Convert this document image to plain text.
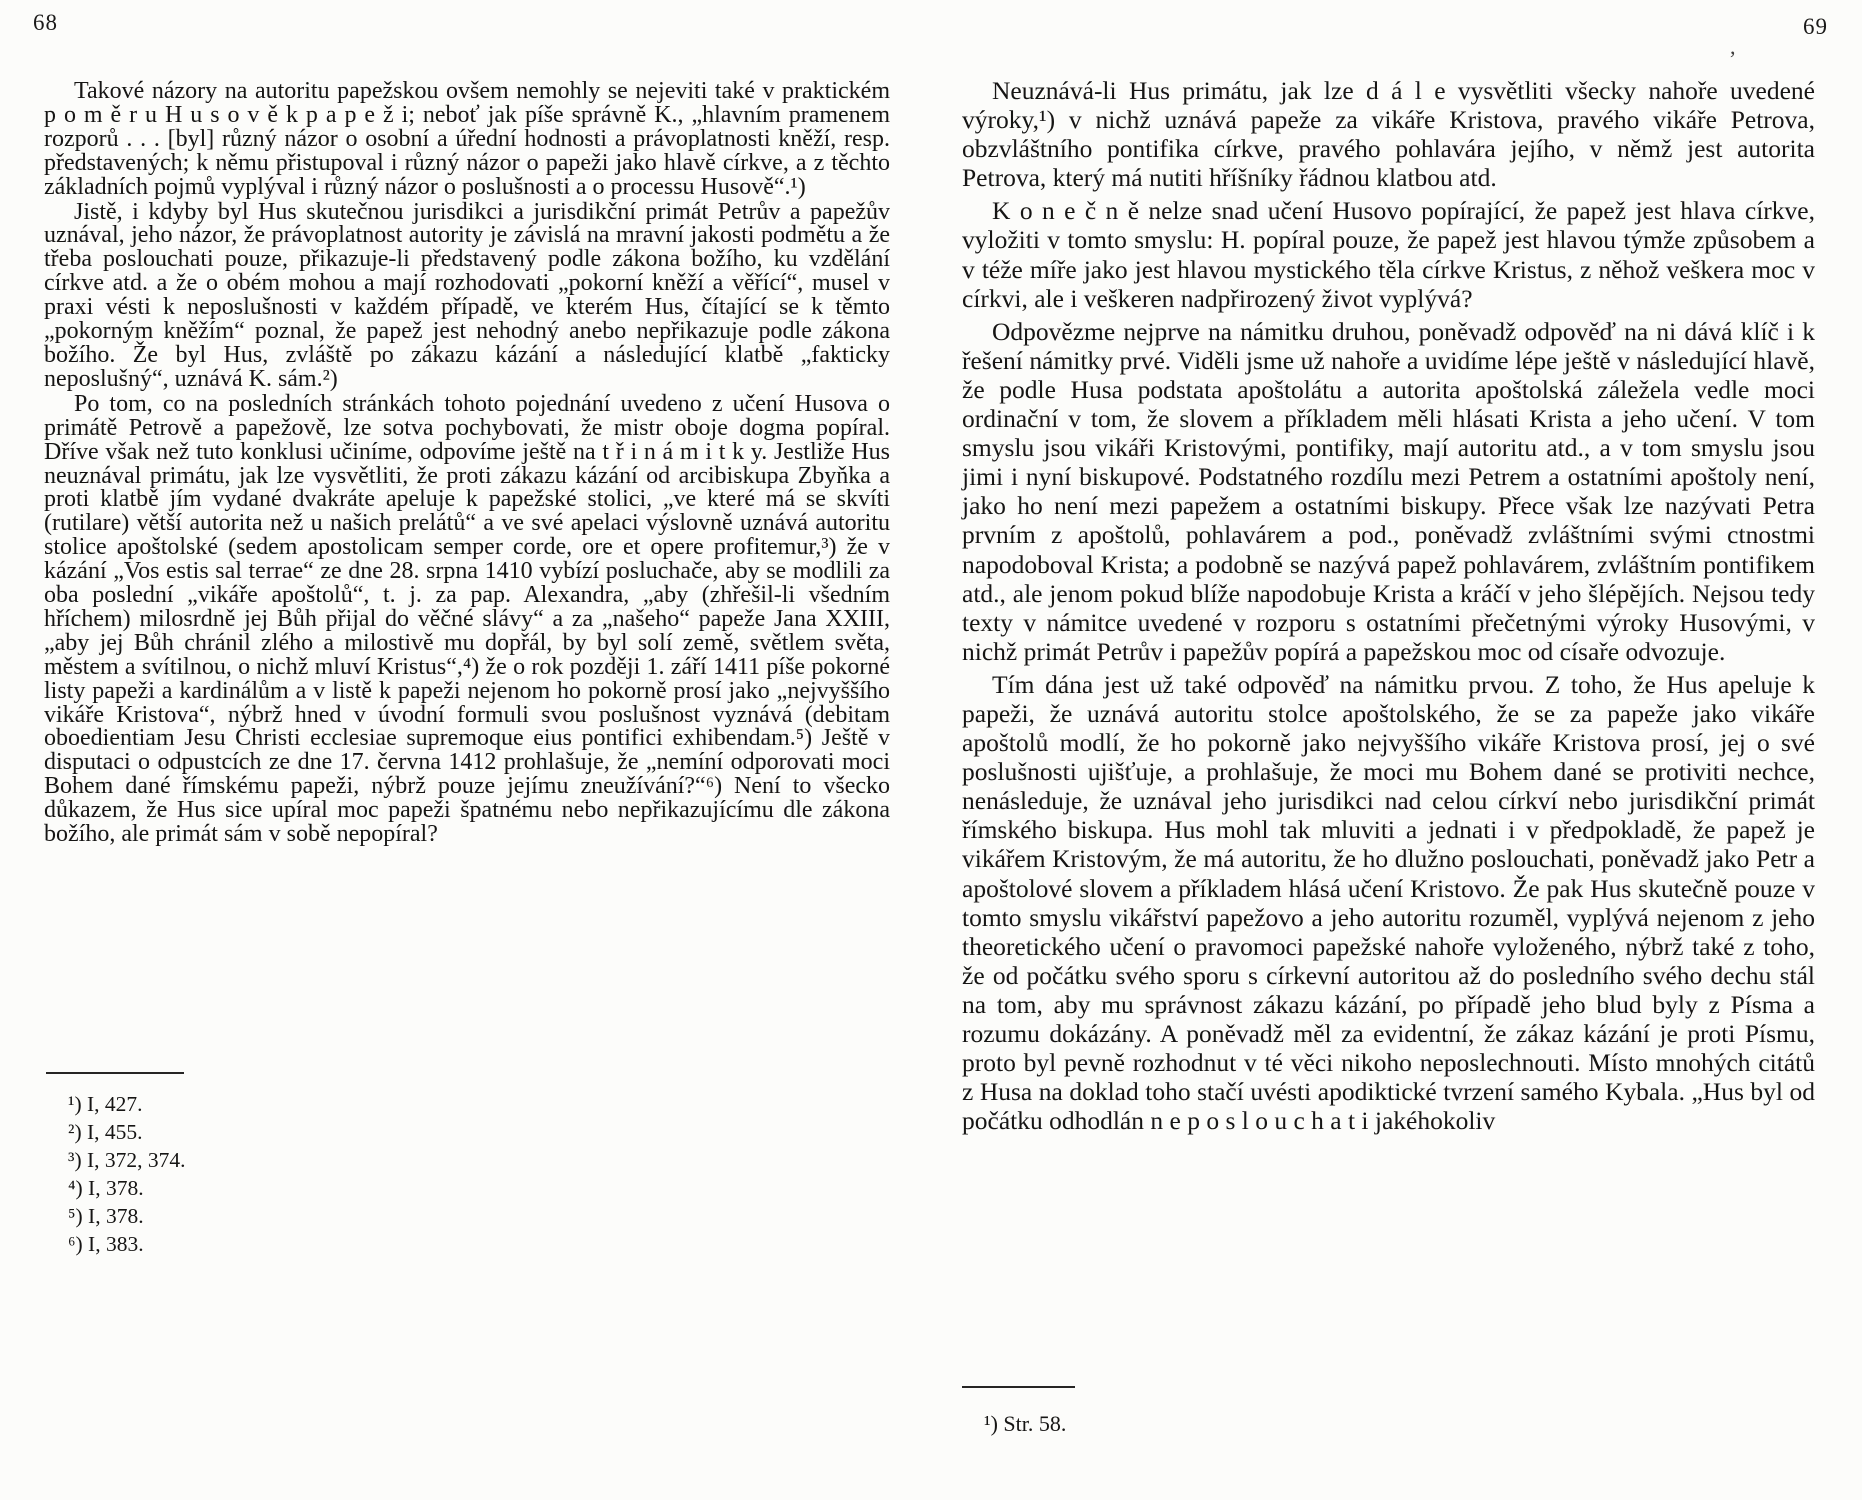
68

Takové názory na autoritu papežskou ovšem nemohly se nejeviti také v praktickém p o m ě r u H u s o v ě k p a p e ž i; neboť jak píše správně K., „hlavním pramenem rozporů . . . [byl] různý názor o osobní a úřední hodnosti a právoplatnosti kněží, resp. představených; k němu přistupoval i různý názor o papeži jako hlavě církve, a z těchto základních pojmů vyplýval i různý názor o poslušnosti a o processu Husově“.¹)

Jistě, i kdyby byl Hus skutečnou jurisdikci a jurisdikční primát Petrův a papežův uznával, jeho názor, že právoplatnost autority je závislá na mravní jakosti podmětu a že třeba poslouchati pouze, přikazuje-li představený podle zákona božího, ku vzdělání církve atd. a že o obém mohou a mají rozhodovati „pokorní kněží a věřící“, musel v praxi vésti k neposlušnosti v každém případě, ve kterém Hus, čítající se k těmto „pokorným kněžím“ poznal, že papež jest nehodný anebo nepřikazuje podle zákona božího. Že byl Hus, zvláště po zákazu kázání a následující klatbě „fakticky neposlušný“, uznává K. sám.²)

Po tom, co na posledních stránkách tohoto pojednání uvedeno z učení Husova o primátě Petrově a papežově, lze sotva pochybovati, že mistr oboje dogma popíral. Dříve však než tuto konklusi učiníme, odpovíme ještě na t ř i n á m i t k y. Jestliže Hus neuznával primátu, jak lze vysvětliti, že proti zákazu kázání od arcibiskupa Zbyňka a proti klatbě jím vydané dvakráte apeluje k papežské stolici, „ve které má se skvíti (rutilare) větší autorita než u našich prelátů“ a ve své apelaci výslovně uznává autoritu stolice apoštolské (sedem apostolicam semper corde, ore et opere profitemur,³) že v kázání „Vos estis sal terrae“ ze dne 28. srpna 1410 vybízí posluchače, aby se modlili za oba poslední „vikáře apoštolů“, t. j. za pap. Alexandra, „aby (zhřešil-li všedním hříchem) milosrdně jej Bůh přijal do věčné slávy“ a za „našeho“ papeže Jana XXIII, „aby jej Bůh chránil zlého a milostivě mu dopřál, by byl solí země, světlem světa, městem a svítilnou, o nichž mluví Kristus“,⁴) že o rok později 1. září 1411 píše pokorné listy papeži a kardinálům a v listě k papeži nejenom ho pokorně prosí jako „nejvyššího vikáře Kristova“, nýbrž hned v úvodní formuli svou poslušnost vyznává (debitam oboedientiam Jesu Christi ecclesiae supremoque eius pontifici exhibendam.⁵) Ještě v disputaci o odpustcích ze dne 17. června 1412 prohlašuje, že „nemíní odporovati moci Bohem dané římskému papeži, nýbrž pouze jejímu zneužívání?“⁶) Není to všecko důkazem, že Hus sice upíral moc papeži špatnému nebo nepřikazujícímu dle zákona božího, ale primát sám v sobě nepopíral?

¹) I, 427.
²) I, 455.
³) I, 372, 374.
⁴) I, 378.
⁵) I, 378.
⁶) I, 383.
69
,

Neuznává-li Hus primátu, jak lze d á l e vysvětliti všecky nahoře uvedené výroky,¹) v nichž uznává papeže za vikáře Kristova, pravého vikáře Petrova, obzvláštního pontifika církve, pravého pohlavára jejího, v němž jest autorita Petrova, který má nutiti hříšníky řádnou klatbou atd.

K o n e č n ě nelze snad učení Husovo popírající, že papež jest hlava církve, vyložiti v tomto smyslu: H. popíral pouze, že papež jest hlavou týmže způsobem a v téže míře jako jest hlavou mystického těla církve Kristus, z něhož veškera moc v církvi, ale i veškeren nadpřirozený život vyplývá?

Odpovězme nejprve na námitku druhou, poněvadž odpověď na ni dává klíč i k řešení námitky prvé. Viděli jsme už nahoře a uvidíme lépe ještě v následující hlavě, že podle Husa podstata apoštolátu a autorita apoštolská záležela vedle moci ordinační v tom, že slovem a příkladem měli hlásati Krista a jeho učení. V tom smyslu jsou vikáři Kristovými, pontifiky, mají autoritu atd., a v tom smyslu jsou jimi i nyní biskupové. Podstatného rozdílu mezi Petrem a ostatními apoštoly není, jako ho není mezi papežem a ostatními biskupy. Přece však lze nazývati Petra prvním z apoštolů, pohlavárem a pod., poněvadž zvláštními svými ctnostmi napodoboval Krista; a podobně se nazývá papež pohlavárem, zvláštním pontifikem atd., ale jenom pokud blíže napodobuje Krista a kráčí v jeho šlépějích. Nejsou tedy texty v námitce uvedené v rozporu s ostatními přečetnými výroky Husovými, v nichž primát Petrův i papežův popírá a papežskou moc od císaře odvozuje.

Tím dána jest už také odpověď na námitku prvou. Z toho, že Hus apeluje k papeži, že uznává autoritu stolce apoštolského, že se za papeže jako vikáře apoštolů modlí, že ho pokorně jako nejvyššího vikáře Kristova prosí, jej o své poslušnosti ujišťuje, a prohlašuje, že moci mu Bohem dané se protiviti nechce, nenásleduje, že uznával jeho jurisdikci nad celou církví nebo jurisdikční primát římského biskupa. Hus mohl tak mluviti a jednati i v předpokladě, že papež je vikářem Kristovým, že má autoritu, že ho dlužno poslouchati, poněvadž jako Petr a apoštolové slovem a příkladem hlásá učení Kristovo. Že pak Hus skutečně pouze v tomto smyslu vikářství papežovo a jeho autoritu rozuměl, vyplývá nejenom z jeho theoretického učení o pravomoci papežské nahoře vyloženého, nýbrž také z toho, že od počátku svého sporu s církevní autoritou až do posledního svého dechu stál na tom, aby mu správnost zákazu kázání, po případě jeho blud byly z Písma a rozumu dokázány. A poněvadž měl za evidentní, že zákaz kázání je proti Písmu, proto byl pevně rozhodnut v té věci nikoho neposlechnouti. Místo mnohých citátů z Husa na doklad toho stačí uvésti apodiktické tvrzení samého Kybala. „Hus byl od počátku odhodlán n e p o s l o u c h a t i jakéhokoliv

¹) Str. 58.
